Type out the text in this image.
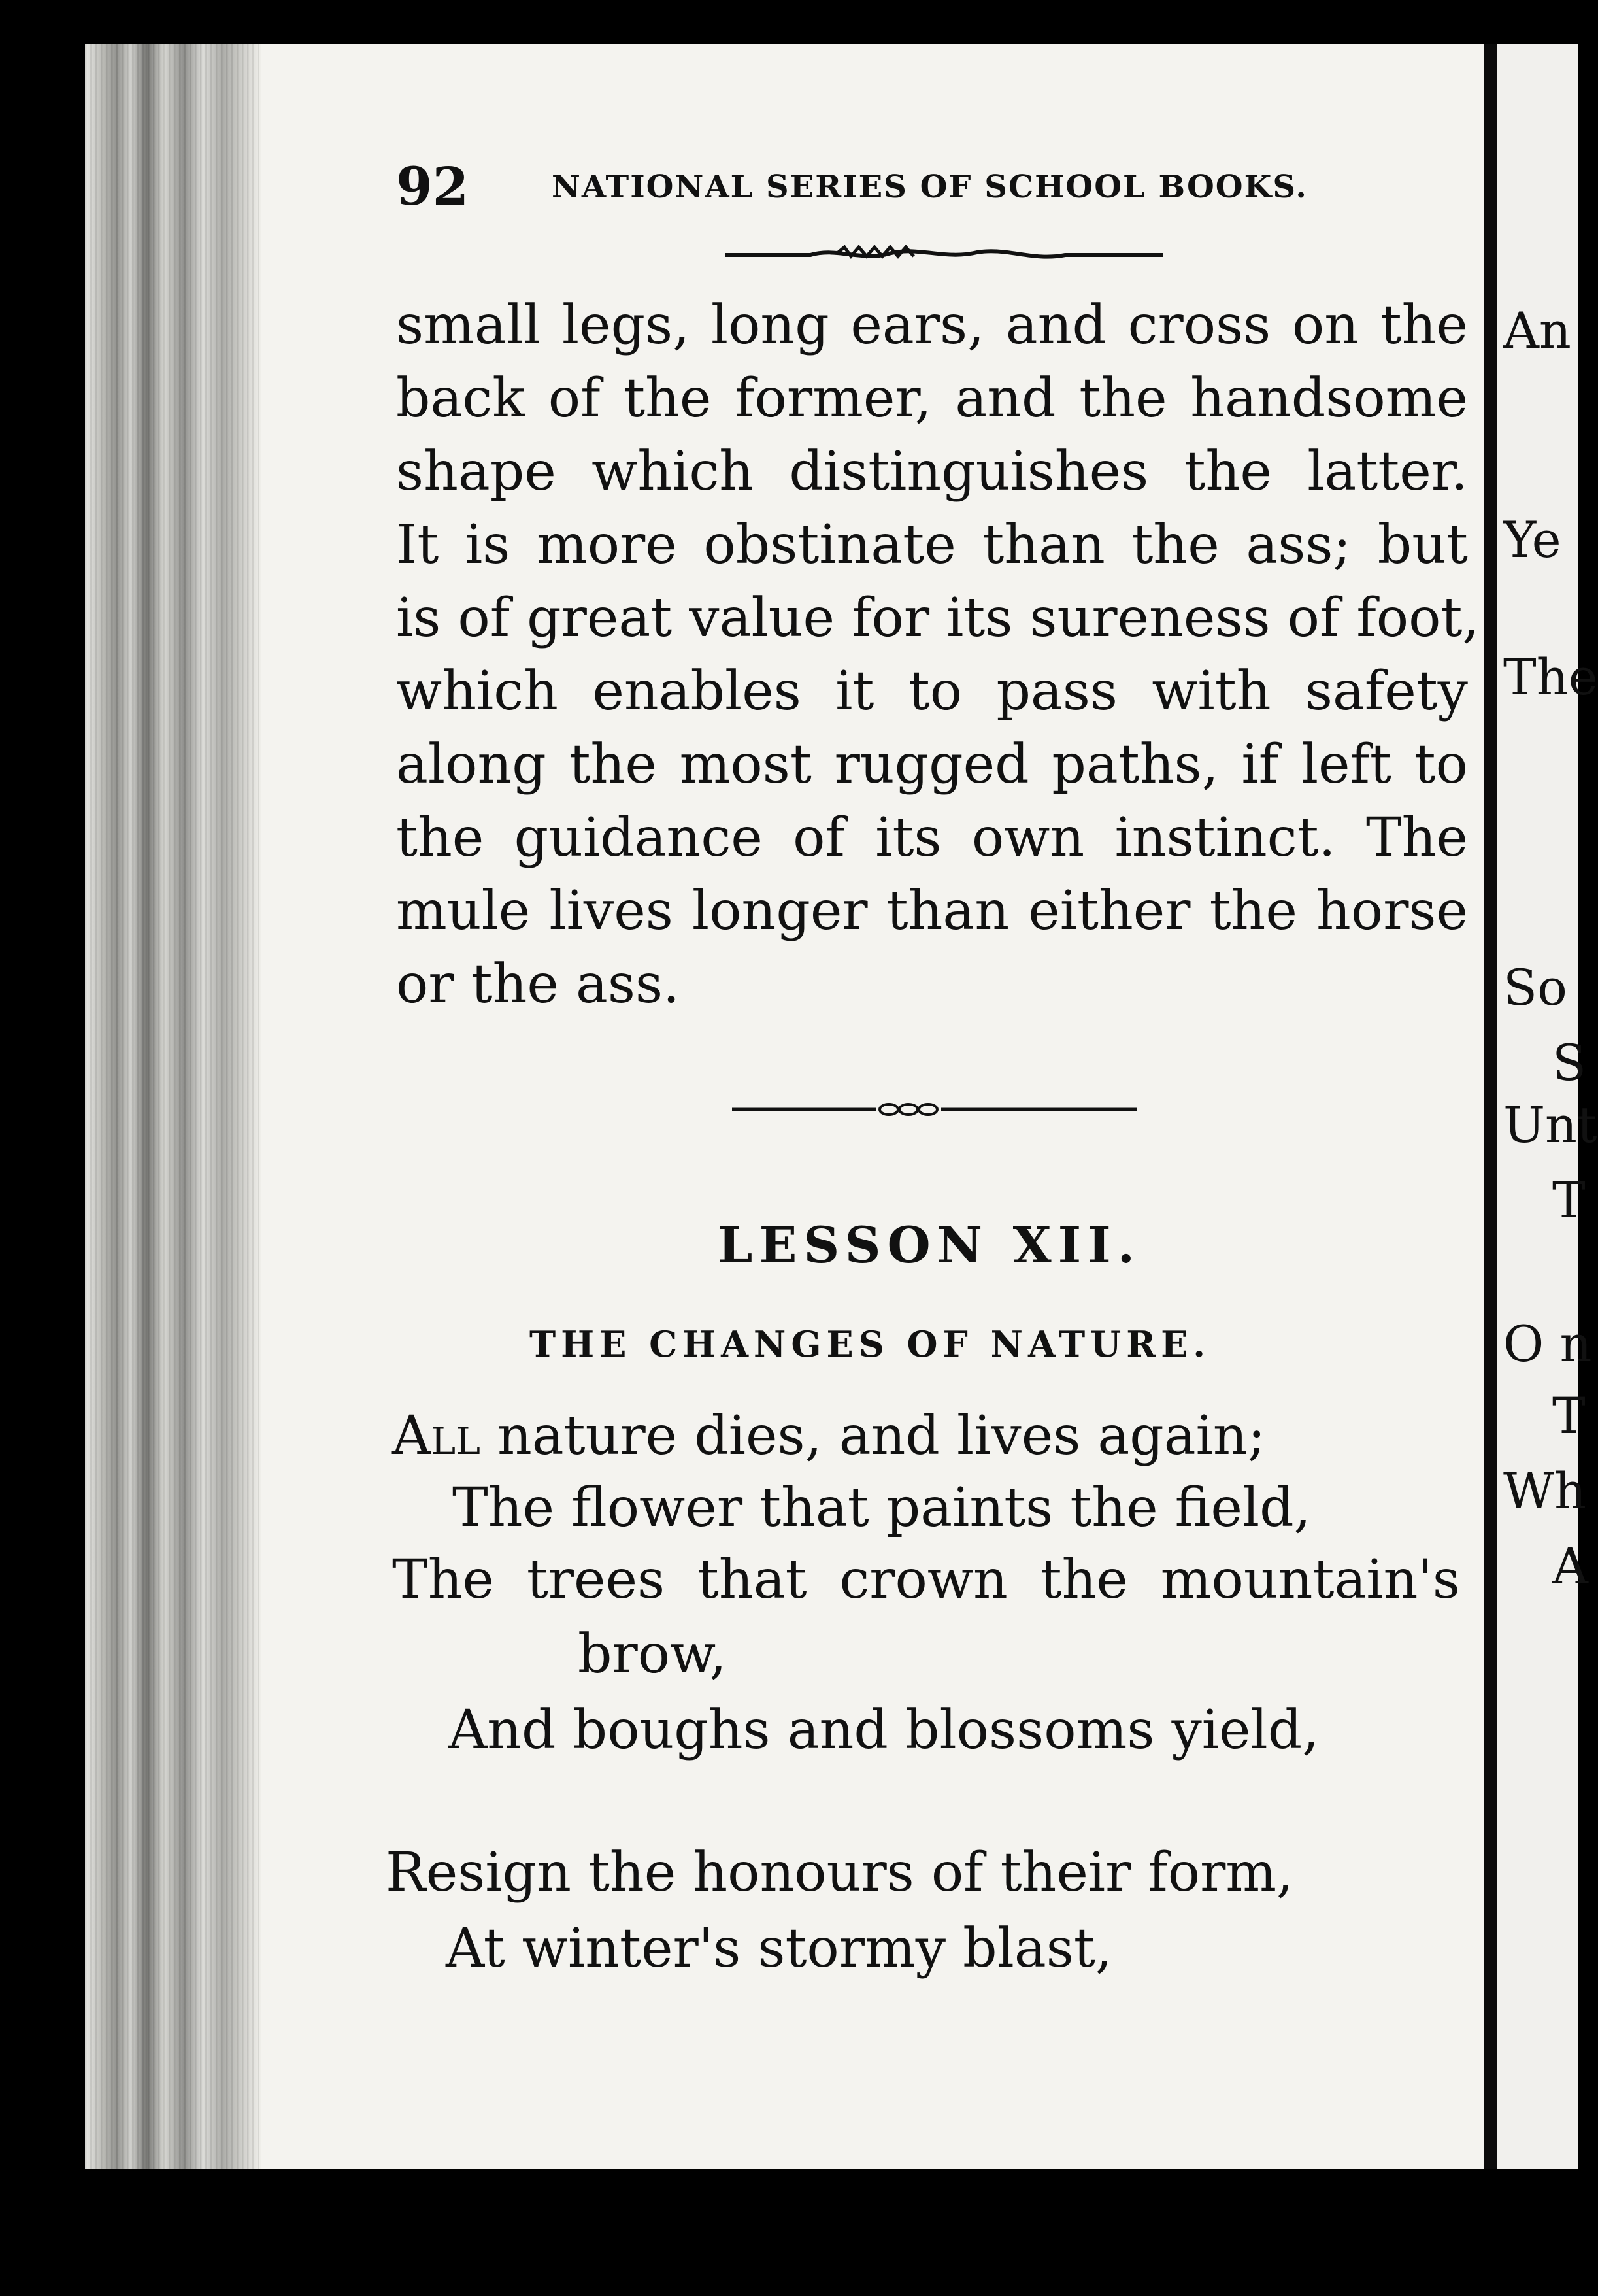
An
Ye
The
So
S
Unt
T
O n
T
Wh
A
92	NATIONAL SERIES OF SCHOOL BOOKS.
small legs, long ears, and cross on the
back of the former, and the handsome
shape which distinguishes the latter.
It is more obstinate than the ass; but
is of great value for its sureness of foot,
which enables it to pass with safety
along the most rugged paths, if left to
the guidance of its own instinct. The
mule lives longer than either the horse
or the ass.
LESSON XII.
THE CHANGES OF NATURE.
All nature dies, and lives again;
The flower that paints the field,
The trees that crown the mountain's
brow,
And boughs and blossoms yield,
Resign the honours of their form,
At winter's stormy blast,
